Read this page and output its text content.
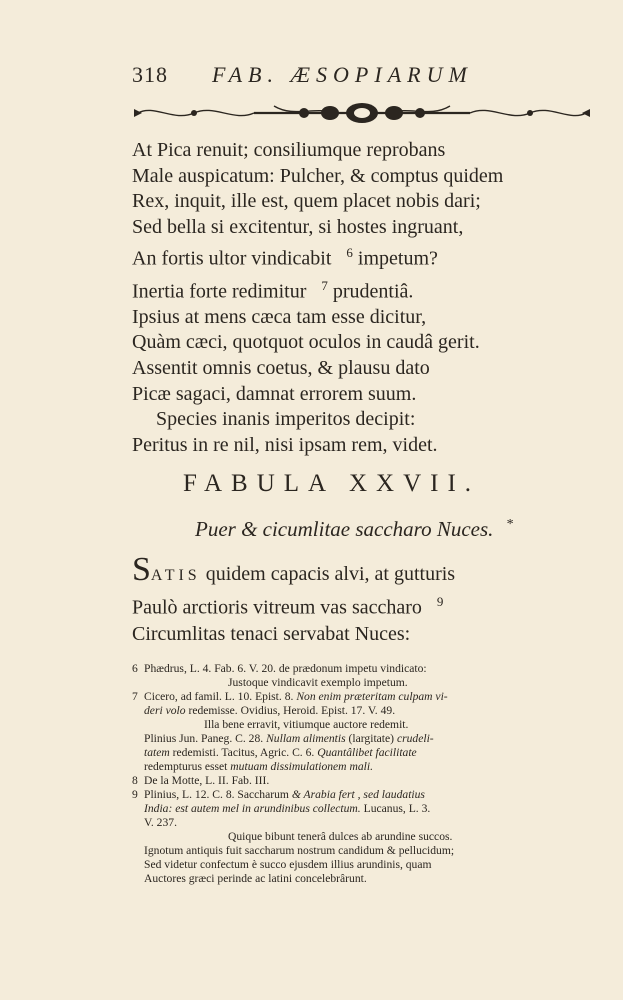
318 FAB. ÆSOPIARUM
At Pica renuit; consiliumque reprobans
Male auspicatum: Pulcher, & comptus quidem
Rex, inquit, ille est, quem placet nobis dari;
Sed bella si excitentur, si hostes ingruant,
An fortis ultor vindicabit $^6$ impetum?
Inertia forte redimitur $^7$ prudentiâ.
Ipsius at mens cæca tam esse dicitur,
Quàm cæci, quotquot oculos in caudâ gerit.
Assentit omnis coetus, & plausu dato
Picæ sagaci, damnat errorem suum.
Species inanis imperitos decipit:
Peritus in re nil, nisi ipsam rem, videt.
FABULA XXVII.
Puer & cicumlitae saccharo Nuces. *
SATIS quidem capacis alvi, at gutturis
Paulò arctioris vitreum vas saccharo $^9$
Circumlitas tenaci servabat Nuces:
6 Phædrus, L. 4. Fab. 6. V. 20. de prædonum impetu vindicato:
Justoque vindicavit exemplo impetum.
7 Cicero, ad famil. L. 10. Epist. 8. Non enim præteritam culpam vi-
deri volo redemisse. Ovidius, Heroid. Epist. 17. V. 49.
Illa bene erravit, vitiumque auctore redemit.
Plinius Jun. Paneg. C. 28. Nullam alimentis (largitate) crudeli-
tatem redemisti. Tacitus, Agric. C. 6. Quantâlibet facilitate
redempturus esset mutuam dissimulationem mali.
8 De la Motte, L. II. Fab. III.
9 Plinius, L. 12. C. 8. Saccharum & Arabia fert , sed laudatius
India: est autem mel in arundinibus collectum. Lucanus, L. 3.
V. 237.
Quique bibunt tenerâ dulces ab arundine succos.
Ignotum antiquis fuit saccharum nostrum candidum & pellucidum;
Sed videtur confectum è succo ejusdem illius arundinis, quam
Auctores græci perinde ac latini concelebrârunt.
